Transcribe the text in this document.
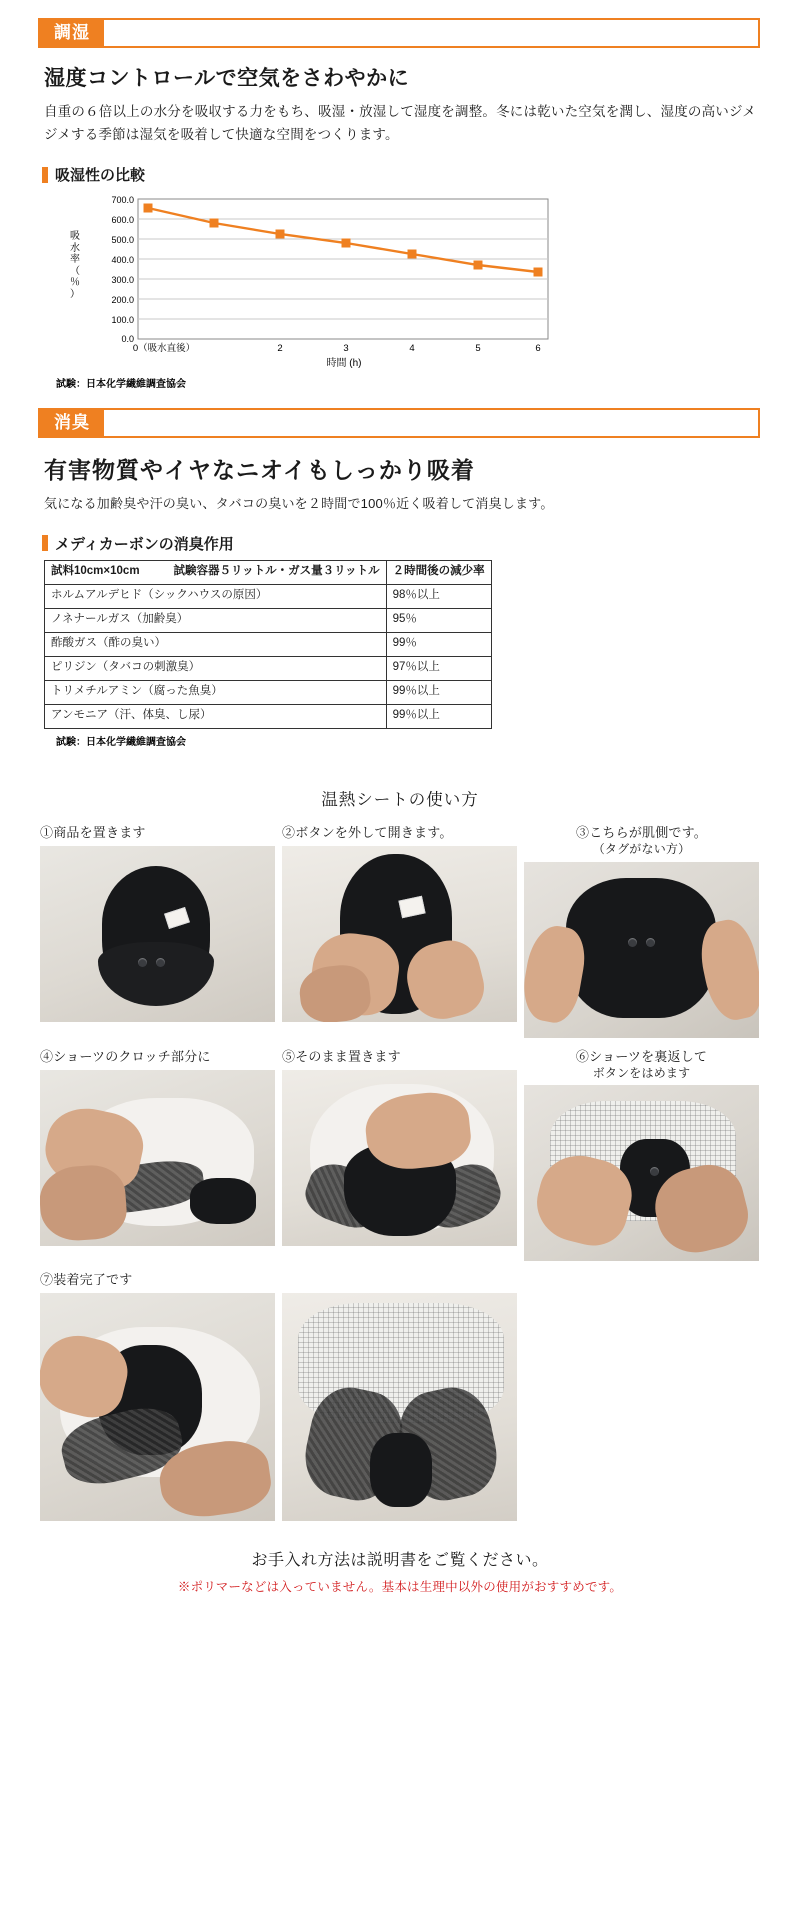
調湿
湿度コントロールで空気をさわやかに

自重の６倍以上の水分を吸収する力をもち、吸湿・放湿して湿度を調整。冬には乾いた空気を潤し、湿度の高いジメジメする季節は湿気を吸着して快適な空間をつくります。

吸湿性の比較
吸
水
率
（
％
）
700.0
600.0
500.0
400.0
300.0
200.0
100.0
0.0
0（吸水直後）	2	3	4	5	6
時間 (h)
試験：日本化学繊維調査協会
消臭
有害物質やイヤなニオイもしっかり吸着

気になる加齢臭や汗の臭い、タバコの臭いを２時間で100％近く吸着して消臭します。

メディカーボンの消臭作用
試料10cm×10cm 試験容器５リットル・ガス量３リットル	２時間後の減少率
ホルムアルデヒド（シックハウスの原因）	98％以上
ノネナールガス（加齢臭）	95％
酢酸ガス（酢の臭い）	99％
ピリジン（タバコの刺激臭）	97％以上
トリメチルアミン（腐った魚臭）	99％以上
アンモニア（汗、体臭、し尿）	99％以上
試験：日本化学繊維調査協会
温熱シートの使い方
①商品を置きます	②ボタンを外して開きます。	③こちらが肌側です。
（タグがない方）
④ショーツのクロッチ部分に	⑤そのまま置きます	⑥ショーツを裏返して
ボタンをはめます
⑦装着完了です

お手入れ方法は説明書をご覧ください。
※ポリマーなどは入っていません。基本は生理中以外の使用がおすすめです。
